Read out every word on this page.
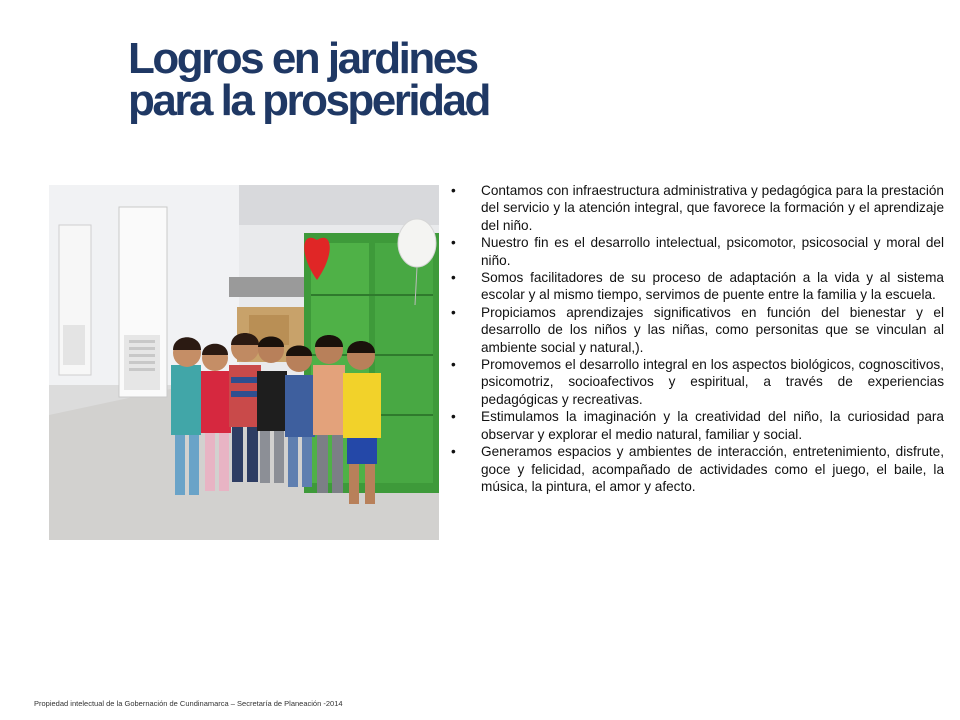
Logros en jardines
para la prosperidad
• Contamos con infraestructura administrativa y pedagógica para la prestación del servicio y la atención integral, que favorece la formación y el aprendizaje del niño.
• Nuestro fin es el desarrollo intelectual, psicomotor, psicosocial y moral del niño.
• Somos facilitadores de su proceso de adaptación a la vida y al sistema escolar y al mismo tiempo, servimos de puente entre la familia y la escuela.
• Propiciamos aprendizajes significativos en función del bienestar y el desarrollo de los niños y las niñas, como personitas que se vinculan al ambiente social y natural,).
• Promovemos el desarrollo integral en los aspectos biológicos, cognoscitivos, psicomotriz, socioafectivos y espiritual, a través de experiencias pedagógicas y recreativas.
• Estimulamos la imaginación y la creatividad del niño, la curiosidad para observar y explorar el medio natural, familiar y social.
• Generamos espacios y ambientes de interacción, entretenimiento, disfrute, goce y felicidad, acompañado de actividades como el juego, el baile, la música, la pintura, el amor y afecto.
Propiedad intelectual de la Gobernación de Cundinamarca – Secretaría de Planeación -2014
